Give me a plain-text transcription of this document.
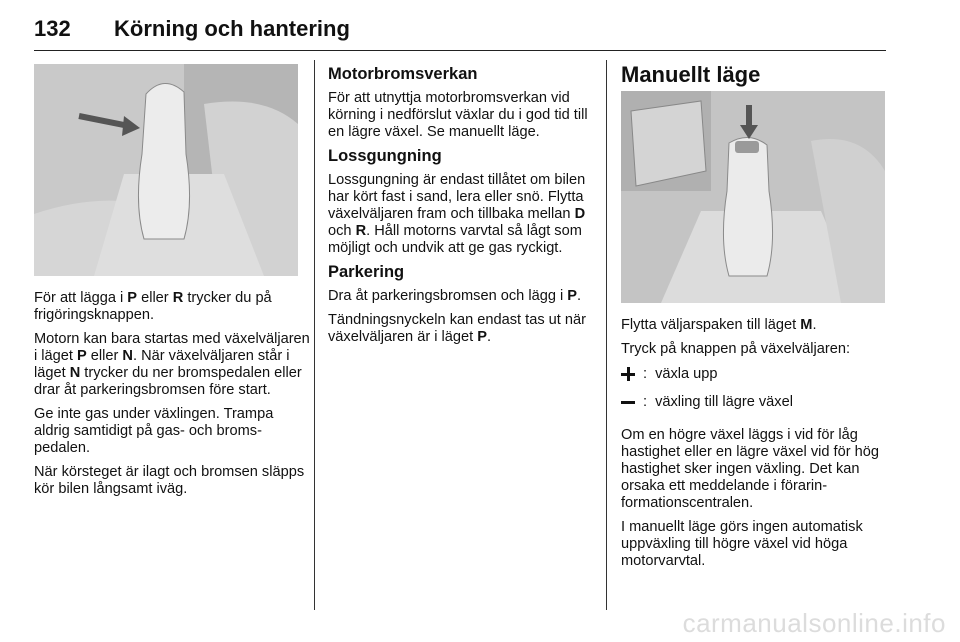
132 Körning och hantering

För att lägga i P eller R trycker du på frigöringsknappen.

Motorn kan bara startas med växelväljaren i läget P eller N. När växelväljaren står i läget N trycker du ner bromspedalen eller drar åt parkeringsbromsen före start.

Ge inte gas under växlingen. Trampa aldrig samtidigt på gas- och bromspedalen.

När körsteget är ilagt och bromsen släpps kör bilen långsamt iväg.

Motorbromsverkan

För att utnyttja motorbromsverkan vid körning i nedförslut växlar du i god tid till en lägre växel. Se manuellt läge.

Lossgungning

Lossgungning är endast tillåtet om bilen har kört fast i sand, lera eller snö. Flytta växelväljaren fram och tillbaka mellan D och R. Håll motorns varvtal så lågt som möjligt och undvik att ge gas ryckigt.

Parkering

Dra åt parkeringsbromsen och lägg i P.

Tändningsnyckeln kan endast tas ut när växelväljaren är i läget P.

Manuellt läge

Flytta väljarspaken till läget M.

Tryck på knappen på växelväljaren:

: växla upp
: växling till lägre växel

Om en högre växel läggs i vid för låg hastighet eller en lägre växel vid för hög hastighet sker ingen växling. Det kan orsaka ett meddelande i förarinformationscentralen.

I manuellt läge görs ingen automatisk uppväxling till högre växel vid höga motorvarvtal.

carmanualsonline.info
